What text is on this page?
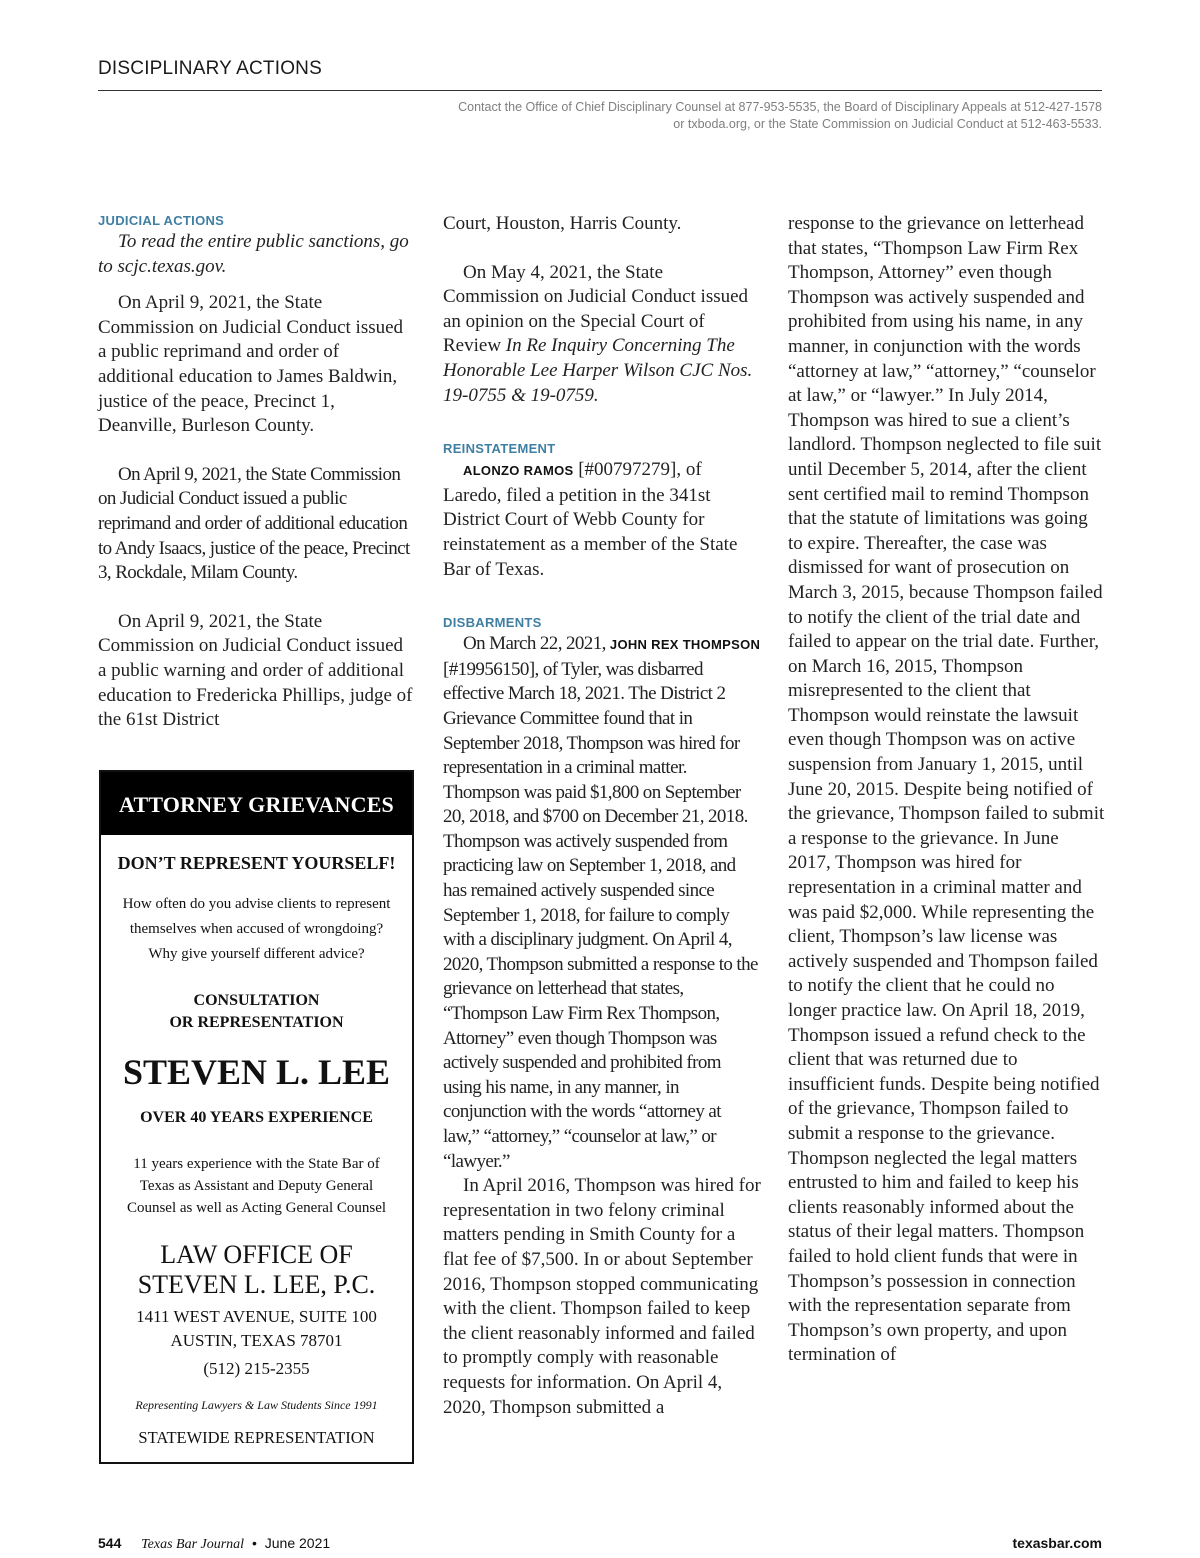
DISCIPLINARY ACTIONS

Contact the Office of Chief Disciplinary Counsel at 877-953-5535, the Board of Disciplinary Appeals at 512-427-1578

or txboda.org, or the State Commission on Judicial Conduct at 512-463-5533.

JUDICIAL ACTIONS

To read the entire public sanctions, go to scjc.texas.gov.

On April 9, 2021, the State Commission on Judicial Conduct issued a public reprimand and order of additional education to James Baldwin, justice of the peace, Precinct 1, Deanville, Burleson County.

On April 9, 2021, the State Commission on Judicial Conduct issued a public reprimand and order of additional education to Andy Isaacs, justice of the peace, Precinct 3, Rockdale, Milam County.

On April 9, 2021, the State Commission on Judicial Conduct issued a public warning and order of additional education to Fredericka Phillips, judge of the 61st District

ATTORNEY GRIEVANCES
DON’T REPRESENT YOURSELF!
How often do you advise clients to represent
themselves when accused of wrongdoing?
Why give yourself different advice?
CONSULTATION
OR REPRESENTATION
STEVEN L. LEE
OVER 40 YEARS EXPERIENCE
11 years experience with the State Bar of
Texas as Assistant and Deputy General
Counsel as well as Acting General Counsel
LAW OFFICE OF
STEVEN L. LEE, P.C.
1411 WEST AVENUE, SUITE 100
AUSTIN, TEXAS 78701
(512) 215-2355
Representing Lawyers & Law Students Since 1991
STATEWIDE REPRESENTATION

Court, Houston, Harris County.

On May 4, 2021, the State Commission on Judicial Conduct issued an opinion on the Special Court of Review In Re Inquiry Concerning The Honorable Lee Harper Wilson CJC Nos. 19-0755 & 19-0759.

REINSTATEMENT

ALONZO RAMOS [#00797279], of Laredo, filed a petition in the 341st District Court of Webb County for reinstatement as a member of the State Bar of Texas.

DISBARMENTS

On March 22, 2021, JOHN REX THOMPSON [#19956150], of Tyler, was disbarred effective March 18, 2021. The District 2 Grievance Committee found that in September 2018, Thompson was hired for representation in a criminal matter. Thompson was paid $1,800 on September 20, 2018, and $700 on December 21, 2018. Thompson was actively suspended from practicing law on September 1, 2018, and has remained actively suspended since September 1, 2018, for failure to comply with a disciplinary judgment. On April 4, 2020, Thompson submitted a response to the grievance on letterhead that states, “Thompson Law Firm Rex Thompson, Attorney” even though Thompson was actively suspended and prohibited from using his name, in any manner, in conjunction with the words “attorney at law,” “attorney,” “counselor at law,” or “lawyer.”

In April 2016, Thompson was hired for representation in two felony criminal matters pending in Smith County for a flat fee of $7,500. In or about September 2016, Thompson stopped communicating with the client. Thompson failed to keep the client reasonably informed and failed to promptly comply with reasonable requests for information. On April 4, 2020, Thompson submitted a

response to the grievance on letterhead that states, “Thompson Law Firm Rex Thompson, Attorney” even though Thompson was actively suspended and prohibited from using his name, in any manner, in conjunction with the words “attorney at law,” “attorney,” “counselor at law,” or “lawyer.” In July 2014, Thompson was hired to sue a client’s landlord. Thompson neglected to file suit until December 5, 2014, after the client sent certified mail to remind Thompson that the statute of limitations was going to expire. Thereafter, the case was dismissed for want of prosecution on March 3, 2015, because Thompson failed to notify the client of the trial date and failed to appear on the trial date. Further, on March 16, 2015, Thompson misrepresented to the client that Thompson would reinstate the lawsuit even though Thompson was on active suspension from January 1, 2015, until June 20, 2015. Despite being notified of the grievance, Thompson failed to submit a response to the grievance. In June 2017, Thompson was hired for representation in a criminal matter and was paid $2,000. While representing the client, Thompson’s law license was actively suspended and Thompson failed to notify the client that he could no longer practice law. On April 18, 2019, Thompson issued a refund check to the client that was returned due to insufficient funds. Despite being notified of the grievance, Thompson failed to submit a response to the grievance. Thompson neglected the legal matters entrusted to him and failed to keep his clients reasonably informed about the status of their legal matters. Thompson failed to hold client funds that were in Thompson’s possession in connection with the representation separate from Thompson’s own property, and upon termination of

544 Texas Bar Journal • June 2021	texasbar.com
